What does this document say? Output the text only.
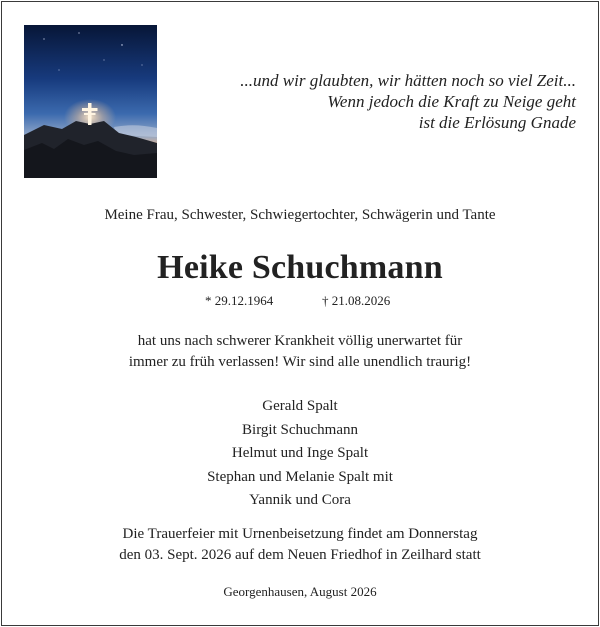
...und wir glaubten, wir hätten noch so viel Zeit...
Wenn jedoch die Kraft zu Neige geht
ist die Erlösung Gnade
Meine Frau, Schwester, Schwiegertochter, Schwägerin und Tante
Heike Schuchmann
* 29.12.1964	† 21.08.2026
hat uns nach schwerer Krankheit völlig unerwartet für
immer zu früh verlassen! Wir sind alle unendlich traurig!
Gerald Spalt
Birgit Schuchmann
Helmut und Inge Spalt
Stephan und Melanie Spalt mit
Yannik und Cora
Die Trauerfeier mit Urnenbeisetzung findet am Donnerstag
den 03. Sept. 2026 auf dem Neuen Friedhof in Zeilhard statt
Georgenhausen, August 2026
